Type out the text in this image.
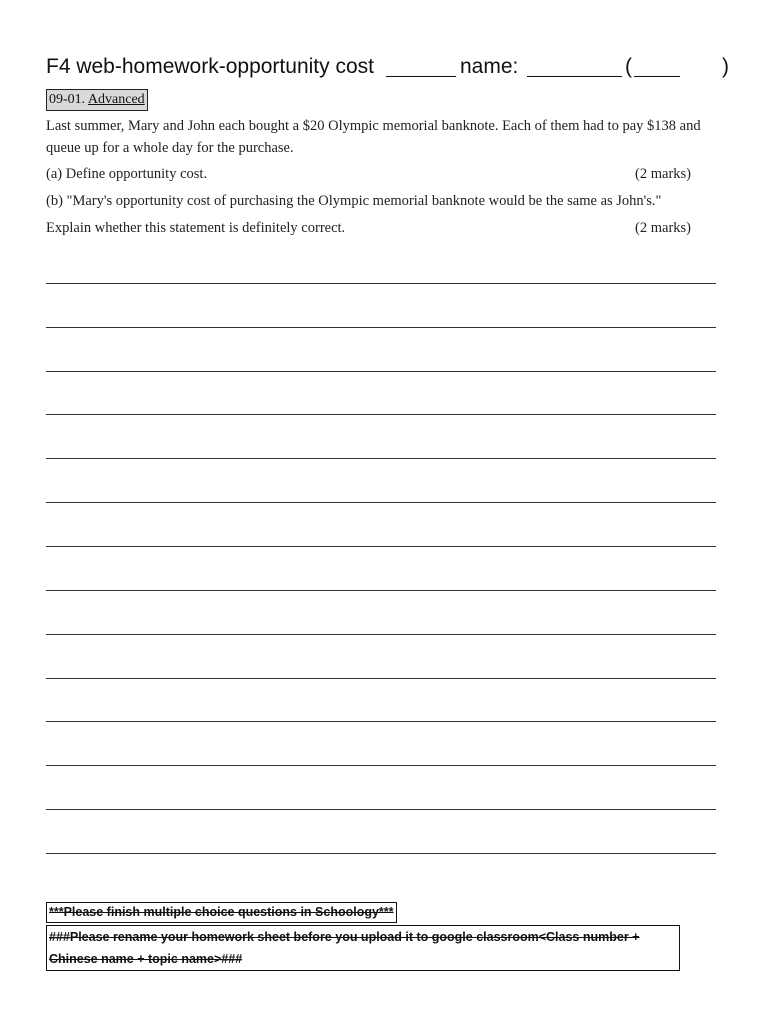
F4 web-homework-opportunity cost	name:	(	)
09-01. Advanced
Last summer, Mary and John each bought a $20 Olympic memorial banknote. Each of them had to pay $138 and queue up for a whole day for the purchase.
(a) Define opportunity cost.	(2 marks)
(b) "Mary's opportunity cost of purchasing the Olympic memorial banknote would be the same as John's."
Explain whether this statement is definitely correct.	(2 marks)
***Please finish multiple choice questions in Schoology***
###Please rename your homework sheet before you upload it to google classroom<Class number + Chinese name + topic name>###
